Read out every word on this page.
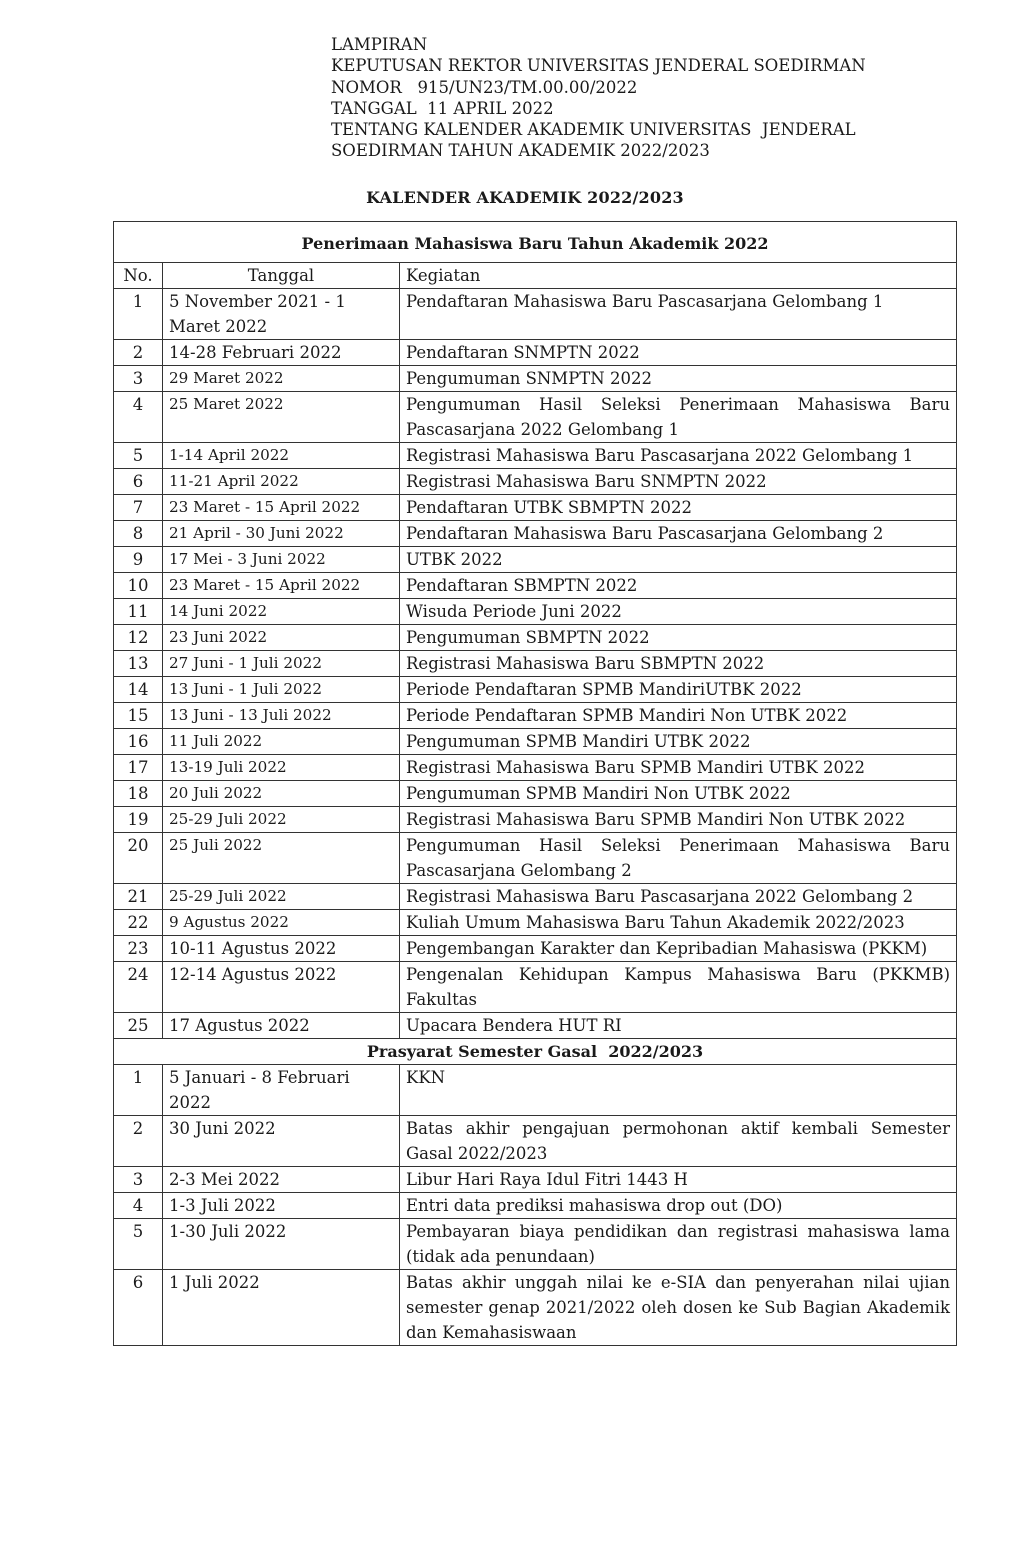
LAMPIRAN
KEPUTUSAN REKTOR UNIVERSITAS JENDERAL SOEDIRMAN
NOMOR   915/UN23/TM.00.00/2022
TANGGAL  11 APRIL 2022
TENTANG KALENDER AKADEMIK UNIVERSITAS  JENDERAL
SOEDIRMAN TAHUN AKADEMIK 2022/2023
KALENDER AKADEMIK 2022/2023
Penerimaan Mahasiswa Baru Tahun Akademik 2022		
No.	Tanggal	Kegiatan
1	5 November 2021 - 1 Maret 2022	Pendaftaran Mahasiswa Baru Pascasarjana Gelombang 1
2	14-28 Februari 2022	Pendaftaran SNMPTN 2022
3	29 Maret 2022	Pengumuman SNMPTN 2022
4	25 Maret 2022	Pengumuman Hasil Seleksi Penerimaan Mahasiswa Baru Pascasarjana 2022 Gelombang 1
5	1-14 April 2022	Registrasi Mahasiswa Baru Pascasarjana 2022 Gelombang 1
6	11-21 April 2022	Registrasi Mahasiswa Baru SNMPTN 2022
7	23 Maret - 15 April 2022	Pendaftaran UTBK SBMPTN 2022
8	21 April - 30 Juni 2022	Pendaftaran Mahasiswa Baru Pascasarjana Gelombang 2
9	17 Mei - 3 Juni 2022	UTBK 2022
10	23 Maret - 15 April 2022	Pendaftaran SBMPTN 2022
11	14 Juni 2022	Wisuda Periode Juni 2022
12	23 Juni 2022	Pengumuman SBMPTN 2022
13	27 Juni - 1 Juli 2022	Registrasi Mahasiswa Baru SBMPTN 2022
14	13 Juni - 1 Juli 2022	Periode Pendaftaran SPMB MandiriUTBK 2022
15	13 Juni - 13 Juli 2022	Periode Pendaftaran SPMB Mandiri Non UTBK 2022
16	11 Juli 2022	Pengumuman SPMB Mandiri UTBK 2022
17	13-19 Juli 2022	Registrasi Mahasiswa Baru SPMB Mandiri UTBK 2022
18	20 Juli 2022	Pengumuman SPMB Mandiri Non UTBK 2022
19	25-29 Juli 2022	Registrasi Mahasiswa Baru SPMB Mandiri Non UTBK 2022
20	25 Juli 2022	Pengumuman Hasil Seleksi Penerimaan Mahasiswa Baru Pascasarjana Gelombang 2
21	25-29 Juli 2022	Registrasi Mahasiswa Baru Pascasarjana 2022 Gelombang 2
22	9 Agustus 2022	Kuliah Umum Mahasiswa Baru Tahun Akademik 2022/2023
23	10-11 Agustus 2022	Pengembangan Karakter dan Kepribadian Mahasiswa (PKKM)
24	12-14 Agustus 2022	Pengenalan Kehidupan Kampus Mahasiswa Baru (PKKMB) Fakultas
25	17 Agustus 2022	Upacara Bendera HUT RI
Prasyarat Semester Gasal  2022/2023		
1	5 Januari - 8 Februari 2022	KKN
2	30 Juni 2022	Batas akhir pengajuan permohonan aktif kembali Semester Gasal 2022/2023
3	2-3 Mei 2022	Libur Hari Raya Idul Fitri 1443 H
4	1-3 Juli 2022	Entri data prediksi mahasiswa drop out (DO)
5	1-30 Juli 2022	Pembayaran biaya pendidikan dan registrasi mahasiswa lama (tidak ada penundaan)
6	1 Juli 2022	Batas akhir unggah nilai ke e-SIA dan penyerahan nilai ujian semester genap 2021/2022 oleh dosen ke Sub Bagian Akademik dan Kemahasiswaan
